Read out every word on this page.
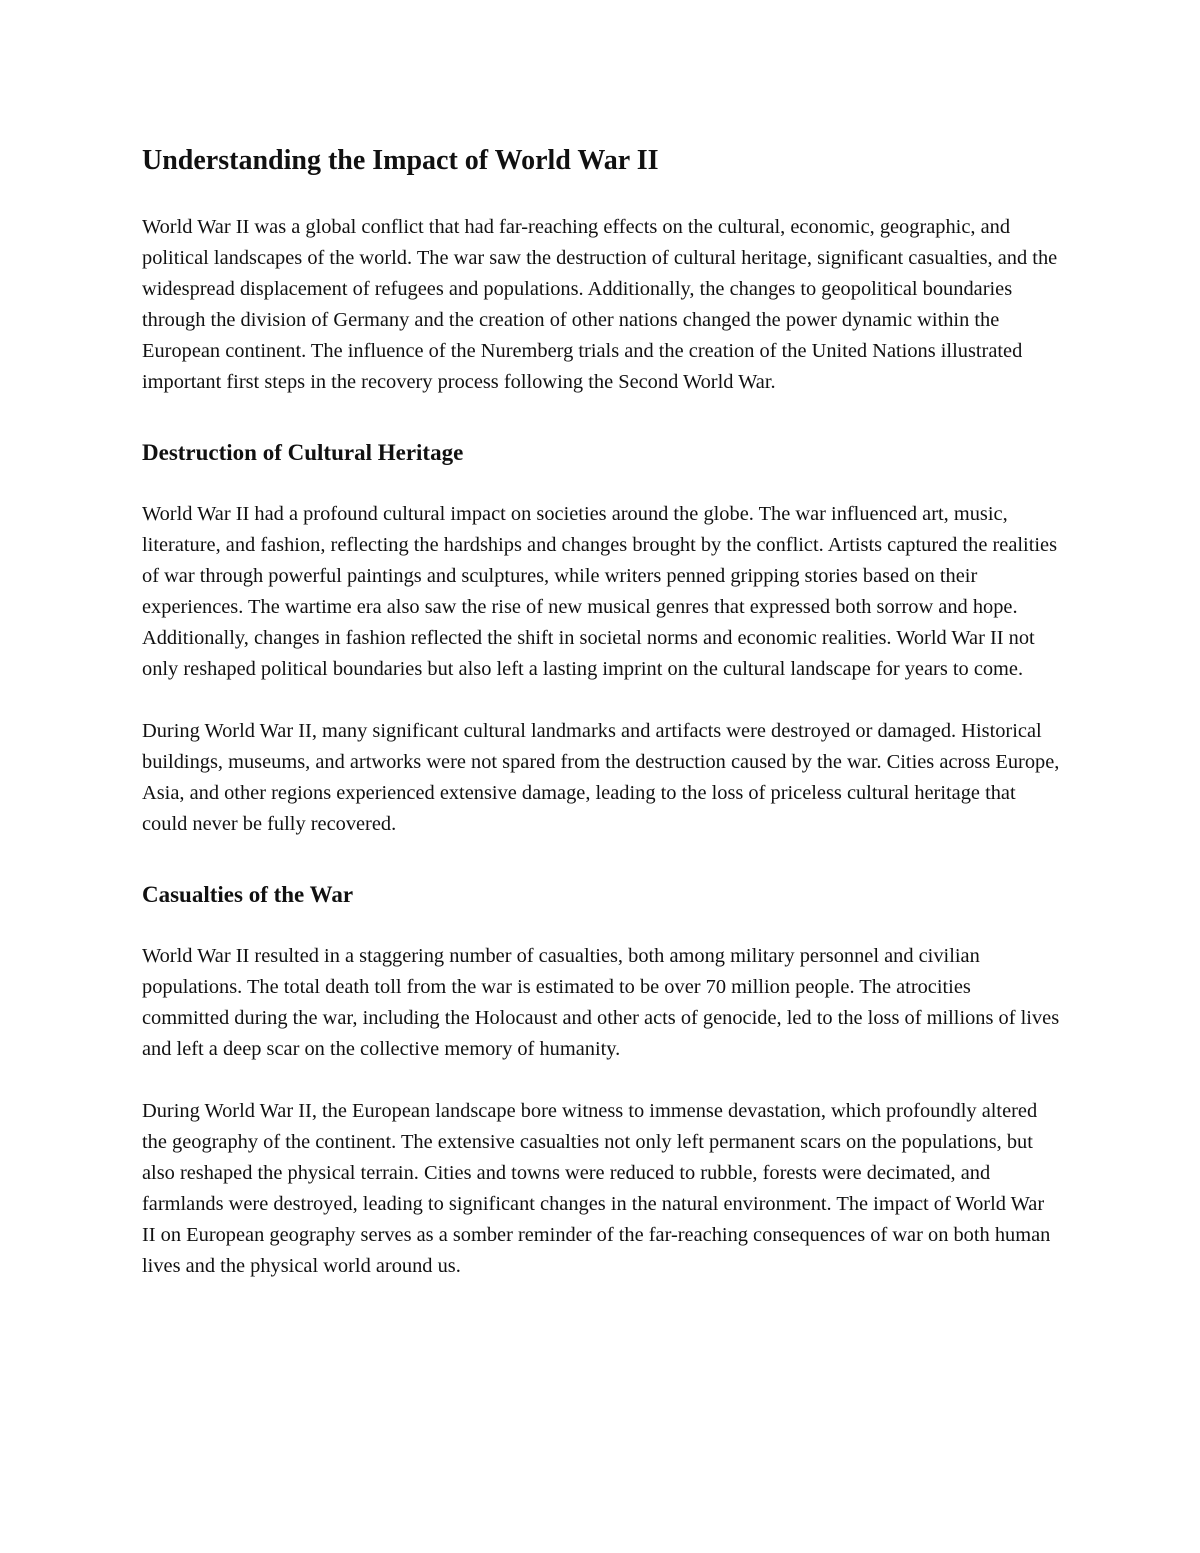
Understanding the Impact of World War II

World War II was a global conflict that had far-reaching effects on the cultural, economic, geographic, and political landscapes of the world. The war saw the destruction of cultural heritage, significant casualties, and the widespread displacement of refugees and populations. Additionally, the changes to geopolitical boundaries through the division of Germany and the creation of other nations changed the power dynamic within the European continent. The influence of the Nuremberg trials and the creation of the United Nations illustrated important first steps in the recovery process following the Second World War.

Destruction of Cultural Heritage

World War II had a profound cultural impact on societies around the globe. The war influenced art, music, literature, and fashion, reflecting the hardships and changes brought by the conflict. Artists captured the realities of war through powerful paintings and sculptures, while writers penned gripping stories based on their experiences. The wartime era also saw the rise of new musical genres that expressed both sorrow and hope. Additionally, changes in fashion reflected the shift in societal norms and economic realities. World War II not only reshaped political boundaries but also left a lasting imprint on the cultural landscape for years to come.

During World War II, many significant cultural landmarks and artifacts were destroyed or damaged. Historical buildings, museums, and artworks were not spared from the destruction caused by the war. Cities across Europe, Asia, and other regions experienced extensive damage, leading to the loss of priceless cultural heritage that could never be fully recovered.

Casualties of the War

World War II resulted in a staggering number of casualties, both among military personnel and civilian populations. The total death toll from the war is estimated to be over 70 million people. The atrocities committed during the war, including the Holocaust and other acts of genocide, led to the loss of millions of lives and left a deep scar on the collective memory of humanity.

During World War II, the European landscape bore witness to immense devastation, which profoundly altered the geography of the continent. The extensive casualties not only left permanent scars on the populations, but also reshaped the physical terrain. Cities and towns were reduced to rubble, forests were decimated, and farmlands were destroyed, leading to significant changes in the natural environment. The impact of World War II on European geography serves as a somber reminder of the far-reaching consequences of war on both human lives and the physical world around us.
